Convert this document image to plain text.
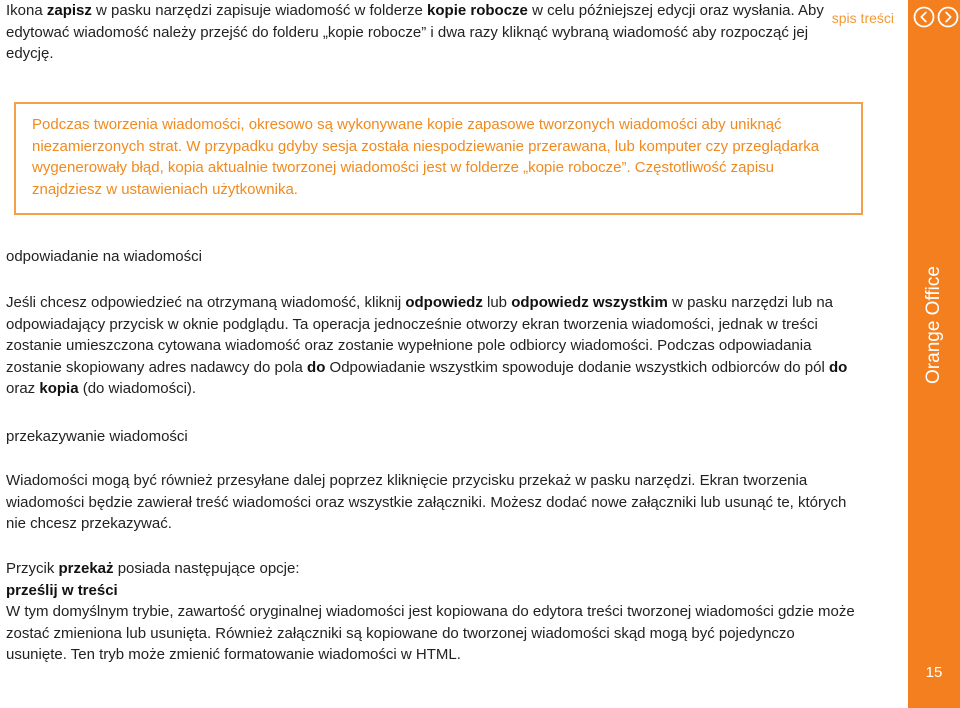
Ikona zapisz w pasku narzędzi zapisuje wiadomość w folderze kopie robocze w celu późniejszej edycji oraz wysłania. Aby edytować wiadomość należy przejść do folderu „kopie robocze” i dwa razy kliknąć wybraną wiadomość aby rozpocząć jej edycję.

odpowiadanie na wiadomości

Jeśli chcesz odpowiedzieć na otrzymaną wiadomość, kliknij odpowiedz lub odpowiedz wszystkim w pasku narzędzi lub na odpowiadający przycisk w oknie podglądu. Ta operacja jednocześnie otworzy ekran tworzenia wiadomości, jednak w treści zostanie umieszczona cytowana wiadomość oraz zostanie wypełnione pole odbiorcy wiadomości. Podczas odpowiadania zostanie skopiowany adres nadawcy do pola do Odpowiadanie wszystkim spowoduje dodanie wszystkich odbiorców do pól do oraz kopia (do wiadomości).

przekazywanie wiadomości

Wiadomości mogą być również przesyłane dalej poprzez kliknięcie przycisku przekaż w pasku narzędzi. Ekran tworzenia wiadomości będzie zawierał treść wiadomości oraz wszystkie załączniki. Możesz dodać nowe załączniki lub usunąć te, których nie chcesz przekazywać.

Przycik przekaż posiada następujące opcje:

prześlij w treści

W tym domyślnym trybie, zawartość oryginalnej wiadomości jest kopiowana do edytora treści tworzonej wiadomości gdzie może zostać zmieniona lub usunięta. Również załączniki są kopiowane do tworzonej wiadomości skąd mogą być pojedynczo usunięte. Ten tryb może zmienić formatowanie wiadomości w HTML.

Podczas tworzenia wiadomości, okresowo są wykonywane kopie zapasowe tworzonych wiadomości aby uniknąć niezamierzonych strat. W przypadku gdyby sesja została niespodziewanie przerawana, lub komputer czy przeglądarka wygenerowały błąd, kopia aktualnie tworzonej wiadomości jest w folderze „kopie robocze”. Częstotliwość zapisu znajdziesz w ustawieniach użytkownika.

spis treści
Orange Office
15
